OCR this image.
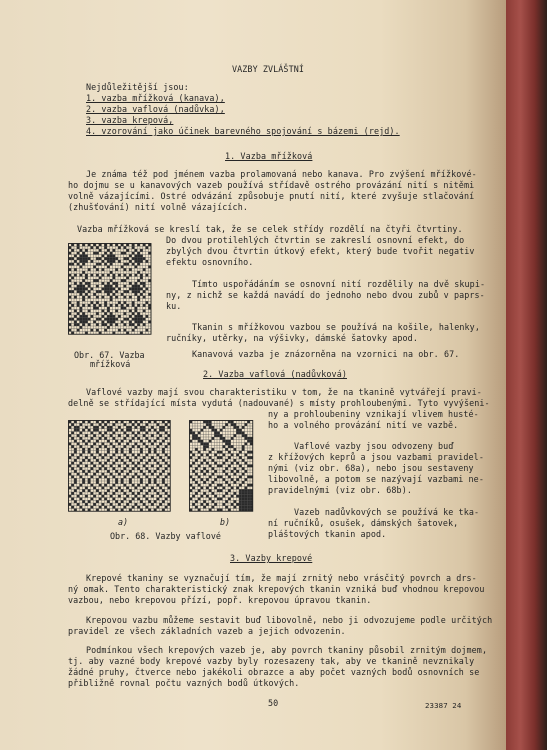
VAZBY ZVLÁŠTNÍ
Nejdůležitější jsou:
1. vazba mřížková (kanava),
2. vazba vaflová (nadůvka),
3. vazba krepová,
4. vzorování jako účinek barevného spojování s bázemi (rejd).
1. Vazba mřížková
Je známa též pod jménem vazba prolamovaná nebo kanava. Pro zvýšení mřížkové-
ho dojmu se u kanavových vazeb používá střídavě ostrého provázání nití s nitěmi
volně vázajícími. Ostré odvázání způsobuje pnutí nití, které zvyšuje stlačování
(zhušťování) nití volně vázajících.
Vazba mřížková se kreslí tak, že se celek střídy rozdělí na čtyři čtvrtiny.
Do dvou protilehlých čtvrtin se zakreslí osnovní efekt, do
zbylých dvou čtvrtin útkový efekt, který bude tvořit negativ
efektu osnovního.
Tímto uspořádáním se osnovní nití rozdělily na dvě skupi-
ny, z nichž se každá navádí do jednoho nebo dvou zubů v paprs-
ku.
Tkanin s mřížkovou vazbou se používá na košile, halenky,
ručníky, utěrky, na výšivky, dámské šatovky apod.
Kanavová vazba je znázorněna na vzornici na obr. 67.
Obr. 67. Vazba
mřížková
2. Vazba vaflová (nadůvková)
Vaflové vazby mají svou charakteristiku v tom, že na tkanině vytvářejí pravi-
delně se střídající místa vydutá (nadouvané) s místy prohloubenými. Tyto vyvýšeni-
ny a prohloubeniny vznikají vlivem husté-
ho a volného provázání nití ve vazbě.
Vaflové vazby jsou odvozeny buď
z křížových keprů a jsou vazbami pravidel-
nými (viz obr. 68a), nebo jsou sestaveny
libovolně, a potom se nazývají vazbami ne-
pravidelnými (viz obr. 68b).
Vazeb nadůvkových se používá ke tka-
ní ručníků, osušek, dámských šatovek,
pláštových tkanin apod.
a)	b)
Obr. 68. Vazby vaflové
3. Vazby krepové
Krepové tkaniny se vyznačují tím, že mají zrnitý nebo vrásčitý povrch a drs-
ný omak. Tento charakteristický znak krepových tkanin vzniká buď vhodnou krepovou
vazbou, nebo krepovou přízí, popř. krepovou úpravou tkanin.
Krepovou vazbu můžeme sestavit buď libovolně, nebo ji odvozujeme podle určitých
pravidel ze všech základních vazeb a jejich odvozenin.
Podmínkou všech krepových vazeb je, aby povrch tkaniny působil zrnitým dojmem,
tj. aby vazné body krepové vazby byly rozesazeny tak, aby ve tkanině nevznikaly
žádné pruhy, čtverce nebo jakékoli obrazce a aby počet vazných bodů osnovních se
přibližně rovnal počtu vazných bodů útkových.
50	23387 24
